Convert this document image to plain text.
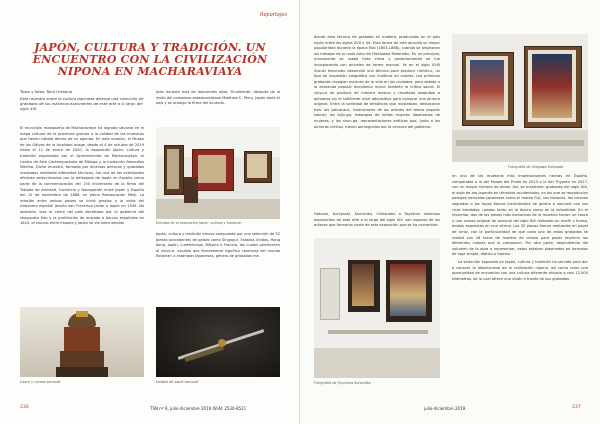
Reportajes
JAPÓN, CULTURA Y TRADICIÓN. UN ENCUENTRO CON LA CIVILIZACIÓN NIPONA EN MACHARAVIAYA
Texto y fotos: Raúl Orellana
Esta muestra sobre la cultura japonesa alberga una colección de grabados de los máximos exponentes de este arte a lo largo del siglo XIX.
El municipio malagueño de Macharaviaya ha logrado situarse en el mapa cultural de la provincia gracias a la calidad de las muestras que tienen cabida dentro de su agenda. En esta ocasión, el Museo de los Gálvez de la localidad acoge, desde el 4 de octubre de 2019 hasta el 12 de enero de 2020, la exposición Japón, cultura y tradición organizada por el Ayuntamiento de Macharaviaya, el Centro de Arte Contemporáneo de Málaga y la fundación Remedios Medina. Dicha muestra, formada por diversas pinturas y grabados realizados mediante diferentes técnicas, fue una de las actividades oficiales seleccionadas por la embajada de Japón en España como parte de la conmemoración del 150 aniversario de la firma del Tratado de Amistad, Comercio y Navegación entre Japón y España del 12 de noviembre de 1868, en plena Restauración Meiji. La relación entre ambos países se inició gracias a la visita del misionero español jesuita san Francisco Javier a Japón en 1549. No obstante, tras el cierre del país decretado por el gobierno del shogunato Edo y la prohibición de entrada a barcos españoles en 1624, el vínculo entre España y Japón se vio interrumpido
pido durante más de doscientos años. Finalmente, después de la visita del comodoro estadounidense Matthew C. Perry, Japón abrió el país y se produjo la firma del acuerdo.
Entrada de la exposición Japón, cultura y tradición
Japón, cultura y tradición estuvo compuesta por una selección de 32 piezas procedentes de países como Singapur, Estados Unidos, Hong Kong, Japón, Luxemburgo, Bélgica o Francia, las cuales pertenecen al ukiyo-e, vocablo que literalmente significa «pinturas del mundo flotante» o estampas japonesas, género de grabados me-
Casco y coraza samurái	Detalle de sable samurái
236	TSN nº 8, julio-diciembre 2019 ISSN: 2530-8521
diante esta técnica de grabado en madera, producidos en el país nipón entre los siglos XVII y XX. Esta forma de arte alcanzó su mayor popularidad durante la época Edo (1603-1868), cuando se originaron los trabajos de un solo color de Hishikawa Moronobu. En un principio, únicamente se usaba tinta china y posteriormente se fue incorporando con pinceles de forma manual. Ya en el siglo XVIII Suzuki Harunobu desarrolló una técnica para producir nishiki-e, un tipo de impresión xilográfica con multitud de colores. Los primeros grabados recogían escenas de la vida en las ciudades, pero debido a la demanda popular decidieron incluir también la crítica social. El ukiyo-e se produce de manera masiva y resultaba asequible a personas sin el suficiente nivel adquisitivo para comprar una pintura original. Entre la variedad de temáticas que mostraban, destacaron tres: los yakusha-e, ilustraciones de los actores del teatro popular kabuki; los bijin-ga, estampas de bellas mujeres idealizadas de mujeres; y los shun-ga, representaciones eróticas que, junto a las pinturas críticas, fueron perseguidas por la censura del gobierno.
Hokusai, Kuniyoshi, Kunichika, Chikanobu o Toyokuni máximos exponentes de este arte a lo largo del siglo XIX, son algunos de los autores que formaron parte de esta exposición que se ha convertido
Fotografía de Utagawa Kunisada
Fotografía de Toyohara Kunichika
en una de las muestras más impresionantes hechas en España, comparable a la del Museo del Prado en 2013 o la del Thyssen en 2017, con un mayor número de obras. Así, se mostraron grabados del siglo XIX, el siglo de oro japonés en términos occidentales, en los que se reproducían paisajes naturales japoneses como el monte Fuji, sus bosques, los cerezos sagrados o los tupos típicos tradicionales de geisha o samurái con sus ricos bordados, usados tanto en la época como en la actualidad. En el recorrido, dos de las piezas más llamativas de la muestra fueron un casco y una coraza original de samurái del siglo XIX realizado en marfil y hueso, ambos expuestos en una vitrina. Las 32 piezas fueron realizadas en papel de arroz, con la particularidad de que cada uno de estos grabados se realizó con 16 tacos de madera de cerezo para poder imprimir los diferentes colores que lo componen. Por otra parte, dependiendo del volumen de la obra a representar, estos estaban plasmados en formatos de hoja simple, díptico o tríptico.
La selección expuesta en Japón, cultura y tradición ha servido para dar a conocer la idiosincrasia de la civilización nipona, así como crear una oportunidad de encuentro con una cultura diferente situada a casi 12.000 kilómetros, de la cual ofrece una visión a través de sus grabados.
julio-diciembre 2019	237
